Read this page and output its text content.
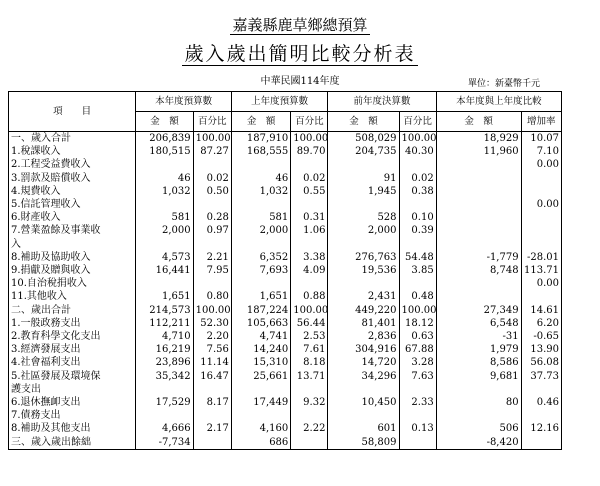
嘉義縣鹿草鄉總預算
歲入歲出簡明比較分析表
中華民國114年度	單位：新臺幣千元
項　　目	本年度預算數		上年度預算數		前年度決算數		本年度與上年度比較	
	金　額	百分比	金　額	百分比	金　額	百分比	金　額	增加率
一、歲入合計	206,839	100.00	187,910	100.00	508,029	100.00	18,929	10.07
1.稅課收入	180,515	87.27	168,555	89.70	204,735	40.30	11,960	7.10
2.工程受益費收入								0.00
3.罰款及賠償收入	46	0.02	46	0.02	91	0.02		
4.規費收入	1,032	0.50	1,032	0.55	1,945	0.38		
5.信託管理收入								0.00
6.財產收入	581	0.28	581	0.31	528	0.10		
7.營業盈餘及事業收	2,000	0.97	2,000	1.06	2,000	0.39		
入								
8.補助及協助收入	4,573	2.21	6,352	3.38	276,763	54.48	-1,779	-28.01
9.捐獻及贈與收入	16,441	7.95	7,693	4.09	19,536	3.85	8,748	113.71
10.自治稅捐收入								0.00
11.其他收入	1,651	0.80	1,651	0.88	2,431	0.48		
二、歲出合計	214,573	100.00	187,224	100.00	449,220	100.00	27,349	14.61
1.一般政務支出	112,211	52.30	105,663	56.44	81,401	18.12	6,548	6.20
2.教育科學文化支出	4,710	2.20	4,741	2.53	2,836	0.63	-31	-0.65
3.經濟發展支出	16,219	7.56	14,240	7.61	304,916	67.88	1,979	13.90
4.社會福利支出	23,896	11.14	15,310	8.18	14,720	3.28	8,586	56.08
5.社區發展及環境保	35,342	16.47	25,661	13.71	34,296	7.63	9,681	37.73
護支出								
6.退休撫卹支出	17,529	8.17	17,449	9.32	10,450	2.33	80	0.46
7.債務支出								
8.補助及其他支出	4,666	2.17	4,160	2.22	601	0.13	506	12.16
三、歲入歲出餘絀	-7,734		686		58,809		-8,420	
